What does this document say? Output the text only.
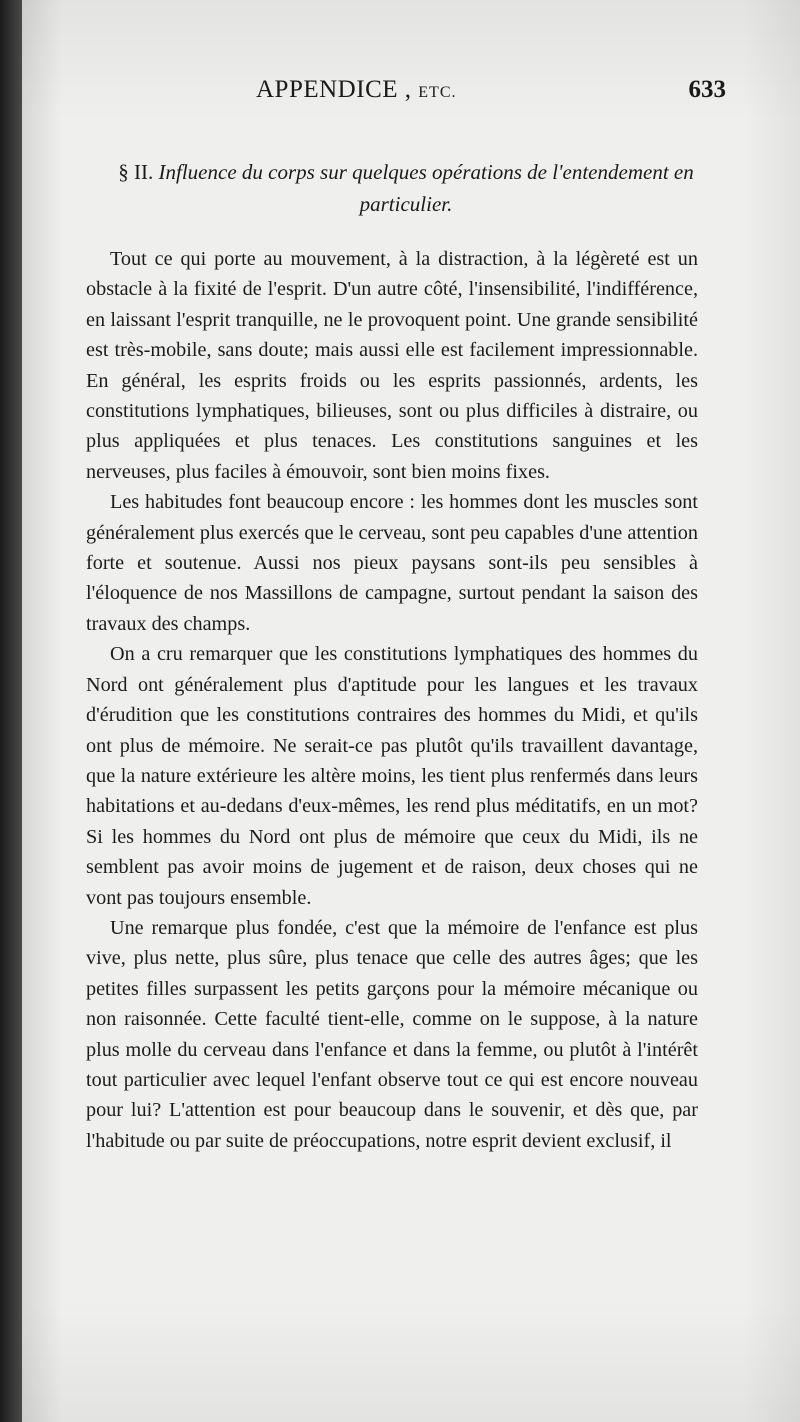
APPENDICE , ETC.	633
§ II. Influence du corps sur quelques opérations de l'entendement en particulier.

Tout ce qui porte au mouvement, à la distraction, à la légèreté est un obstacle à la fixité de l'esprit. D'un autre côté, l'insensibilité, l'indifférence, en laissant l'esprit tranquille, ne le provoquent point. Une grande sensibilité est très-mobile, sans doute; mais aussi elle est facilement impressionnable. En général, les esprits froids ou les esprits passionnés, ardents, les constitutions lymphatiques, bilieuses, sont ou plus difficiles à distraire, ou plus appliquées et plus tenaces. Les constitutions sanguines et les nerveuses, plus faciles à émouvoir, sont bien moins fixes.

Les habitudes font beaucoup encore : les hommes dont les muscles sont généralement plus exercés que le cerveau, sont peu capables d'une attention forte et soutenue. Aussi nos pieux paysans sont-ils peu sensibles à l'éloquence de nos Massillons de campagne, surtout pendant la saison des travaux des champs.

On a cru remarquer que les constitutions lymphatiques des hommes du Nord ont généralement plus d'aptitude pour les langues et les travaux d'érudition que les constitutions contraires des hommes du Midi, et qu'ils ont plus de mémoire. Ne serait-ce pas plutôt qu'ils travaillent davantage, que la nature extérieure les altère moins, les tient plus renfermés dans leurs habitations et au-dedans d'eux-mêmes, les rend plus méditatifs, en un mot? Si les hommes du Nord ont plus de mémoire que ceux du Midi, ils ne semblent pas avoir moins de jugement et de raison, deux choses qui ne vont pas toujours ensemble.

Une remarque plus fondée, c'est que la mémoire de l'enfance est plus vive, plus nette, plus sûre, plus tenace que celle des autres âges; que les petites filles surpassent les petits garçons pour la mémoire mécanique ou non raisonnée. Cette faculté tient-elle, comme on le suppose, à la nature plus molle du cerveau dans l'enfance et dans la femme, ou plutôt à l'intérêt tout particulier avec lequel l'enfant observe tout ce qui est encore nouveau pour lui? L'attention est pour beaucoup dans le souvenir, et dès que, par l'habitude ou par suite de préoccupations, notre esprit devient exclusif, il
